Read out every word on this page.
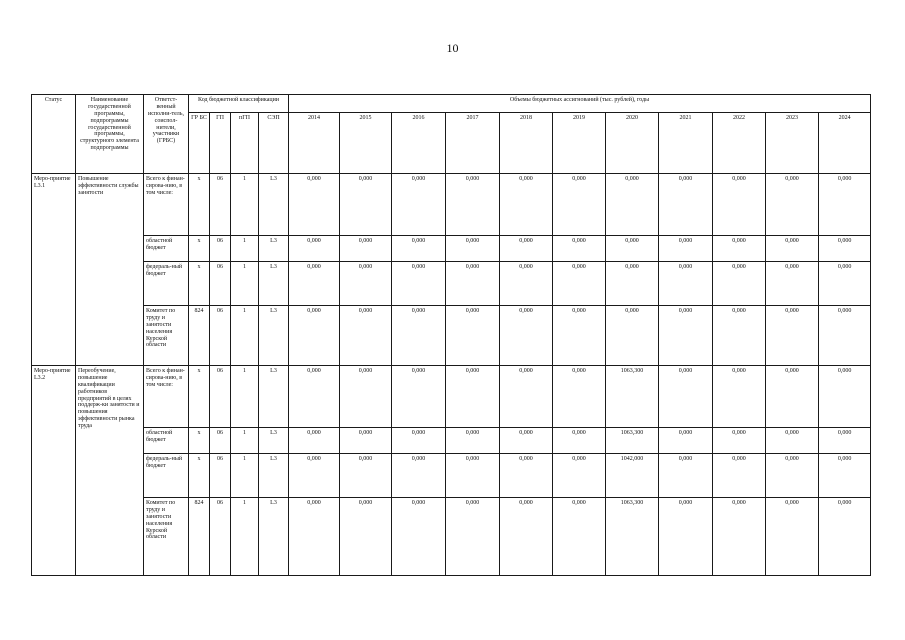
10
Статус	Наименование государственной программы, подпрограммы государственной программы, структурного элемента подпрограммы	Ответст-венный исполни-тель, соиспол-нители, участники (ГРБС)	Код бюджетной классификации				Объемы бюджетных ассигнований (тыс. рублей), годы										
			ГР БС	ГП	пГП	СЭП	2014	2015	2016	2017	2018	2019	2020	2021	2022	2023	2024
Меро-приятие L3.1	Повышение эффективности службы занятости	Всего к финан-сирова-нию, в том числе:	х	06	1	L3	0,000	0,000	0,000	0,000	0,000	0,000	0,000	0,000	0,000	0,000	0,000
		областной бюджет	х	06	1	L3	0,000	0,000	0,000	0,000	0,000	0,000	0,000	0,000	0,000	0,000	0,000
		федераль-ный бюджет	х	06	1	L3	0,000	0,000	0,000	0,000	0,000	0,000	0,000	0,000	0,000	0,000	0,000
		Комитет по труду и занятости населения Курской области	824	06	1	L3	0,000	0,000	0,000	0,000	0,000	0,000	0,000	0,000	0,000	0,000	0,000
Меро-приятие L3.2	Переобучение, повышение квалификации работников предприятий в целях поддерж-ки занятости и повышения эффективности рынка труда	Всего к финан-сирова-нию, в том числе:	х	06	1	L3	0,000	0,000	0,000	0,000	0,000	0,000	1063,300	0,000	0,000	0,000	0,000
		областной бюджет	х	06	1	L3	0,000	0,000	0,000	0,000	0,000	0,000	1063,300	0,000	0,000	0,000	0,000
		федераль-ный бюджет	х	06	1	L3	0,000	0,000	0,000	0,000	0,000	0,000	1042,000	0,000	0,000	0,000	0,000
		Комитет по труду и занятости населения Курской области	824	06	1	L3	0,000	0,000	0,000	0,000	0,000	0,000	1063,300	0,000	0,000	0,000	0,000
